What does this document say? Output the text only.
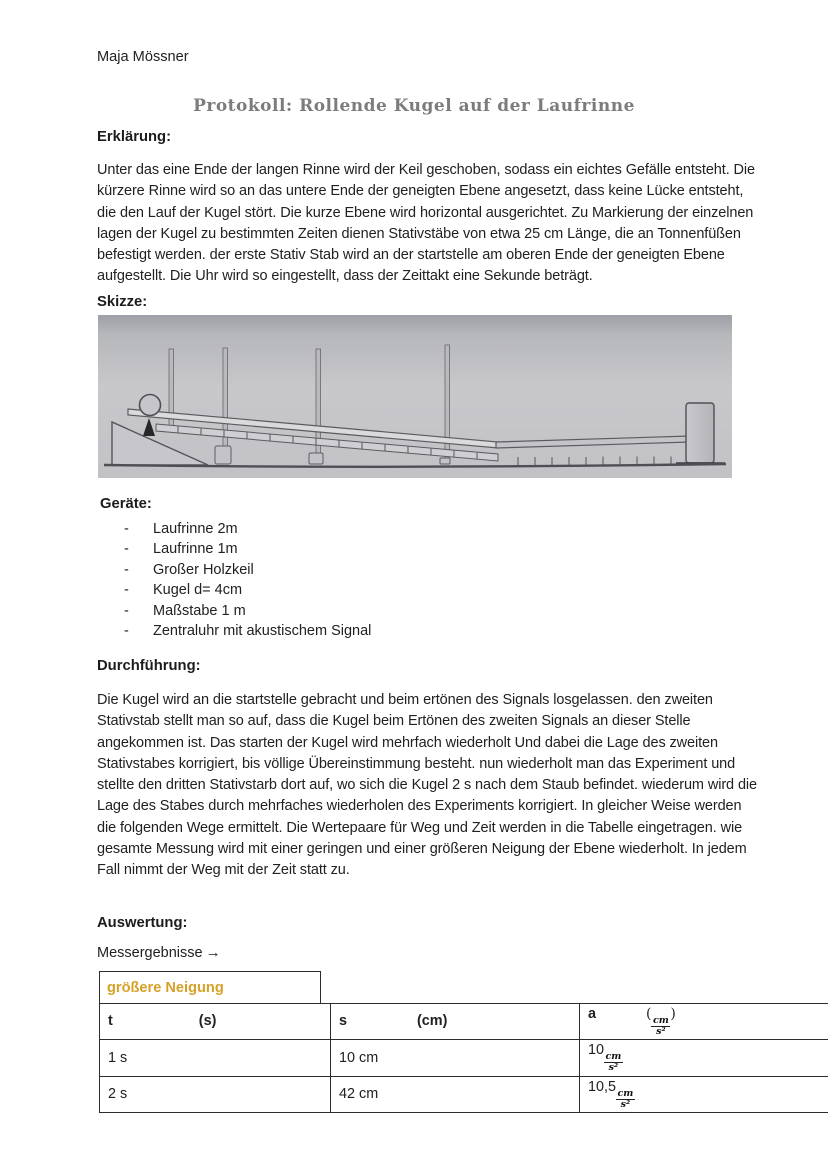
Maja Mössner
Protokoll: Rollende Kugel auf der Laufrinne
Erklärung:

Unter das eine Ende der langen Rinne wird der Keil geschoben, sodass ein eichtes Gefälle entsteht. Die kürzere Rinne wird so an das untere Ende der geneigten Ebene angesetzt, dass keine Lücke entsteht, die den Lauf der Kugel stört. Die kurze Ebene wird horizontal ausgerichtet. Zu Markierung der einzelnen lagen der Kugel zu bestimmten Zeiten dienen Stativstäbe von etwa 25 cm Länge, die an Tonnenfüßen befestigt werden. der erste Stativ Stab wird an der startstelle am oberen Ende der geneigten Ebene aufgestellt. Die Uhr wird so eingestellt, dass der Zeittakt eine Sekunde beträgt.

Skizze:
Geräte:
- Laufrinne 2m
- Laufrinne 1m
- Großer Holzkeil
- Kugel d= 4cm
- Maßstabe 1 m
- Zentraluhr mit akustischem Signal
Durchführung:

Die Kugel wird an die startstelle gebracht und beim ertönen des Signals losgelassen. den zweiten Stativstab stellt man so auf, dass die Kugel beim Ertönen des zweiten Signals an dieser Stelle angekommen ist. Das starten der Kugel wird mehrfach wiederholt Und dabei die Lage des zweiten Stativstabes korrigiert, bis völlige Übereinstimmung besteht. nun wiederholt man das Experiment und stellte den dritten Stativstarb dort auf, wo sich die Kugel 2 s nach dem Staub befindet. wiederum wird die Lage des Stabes durch mehrfaches wiederholen des Experiments korrigiert. In gleicher Weise werden die folgenden Wege ermittelt. Die Wertepaare für Weg und Zeit werden in die Tabelle eingetragen. wie gesamte Messung wird mit einer geringen und einer größeren Neigung der Ebene wiederholt. In jedem Fall nimmt der Weg mit der Zeit statt zu.

Auswertung:

Messergebnisse →

größere Neigung
t (s)	s (cm)	a (
$\frac{cm}{\text{s²}}$
)
1 s	10 cm	10
$\frac{cm}{\text{s²}}$

2 s	42 cm	10,5
$\frac{cm}{\text{s²}}$
